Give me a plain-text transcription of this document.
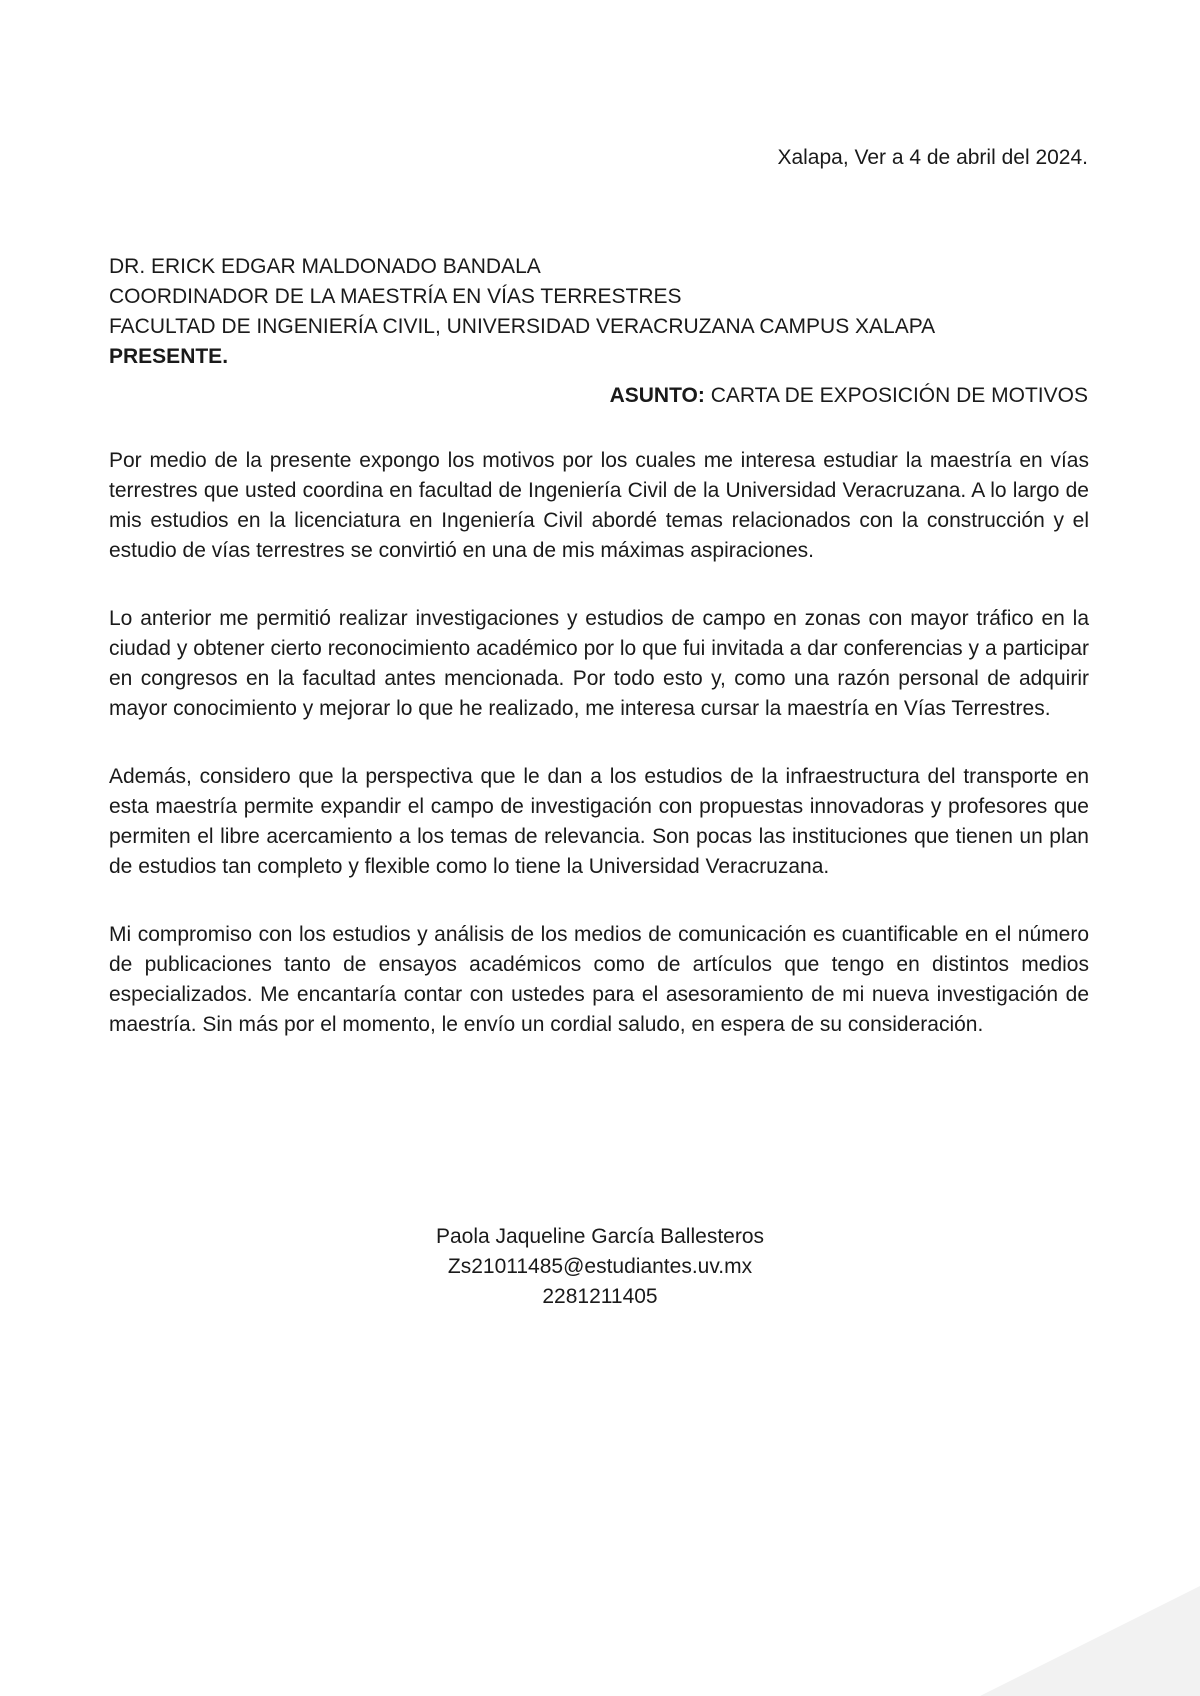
Xalapa, Ver a 4 de abril del 2024.
DR. ERICK EDGAR MALDONADO BANDALA
COORDINADOR DE LA MAESTRÍA EN VÍAS TERRESTRES
FACULTAD DE INGENIERÍA CIVIL, UNIVERSIDAD VERACRUZANA CAMPUS XALAPA
PRESENTE.
ASUNTO: CARTA DE EXPOSICIÓN DE MOTIVOS

Por medio de la presente expongo los motivos por los cuales me interesa estudiar la maestría en vías terrestres que usted coordina en facultad de Ingeniería Civil de la Universidad Veracruzana. A lo largo de mis estudios en la licenciatura en Ingeniería Civil abordé temas relacionados con la construcción y el estudio de vías terrestres se convirtió en una de mis máximas aspiraciones.

Lo anterior me permitió realizar investigaciones y estudios de campo en zonas con mayor tráfico en la ciudad y obtener cierto reconocimiento académico por lo que fui invitada a dar conferencias y a participar en congresos en la facultad antes mencionada. Por todo esto y, como una razón personal de adquirir mayor conocimiento y mejorar lo que he realizado, me interesa cursar la maestría en Vías Terrestres.

Además, considero que la perspectiva que le dan a los estudios de la infraestructura del transporte en esta maestría permite expandir el campo de investigación con propuestas innovadoras y profesores que permiten el libre acercamiento a los temas de relevancia. Son pocas las instituciones que tienen un plan de estudios tan completo y flexible como lo tiene la Universidad Veracruzana.

Mi compromiso con los estudios y análisis de los medios de comunicación es cuantificable en el número de publicaciones tanto de ensayos académicos como de artículos que tengo en distintos medios especializados. Me encantaría contar con ustedes para el asesoramiento de mi nueva investigación de maestría. Sin más por el momento, le envío un cordial saludo, en espera de su consideración.

Paola Jaqueline García Ballesteros
Zs21011485@estudiantes.uv.mx
2281211405
